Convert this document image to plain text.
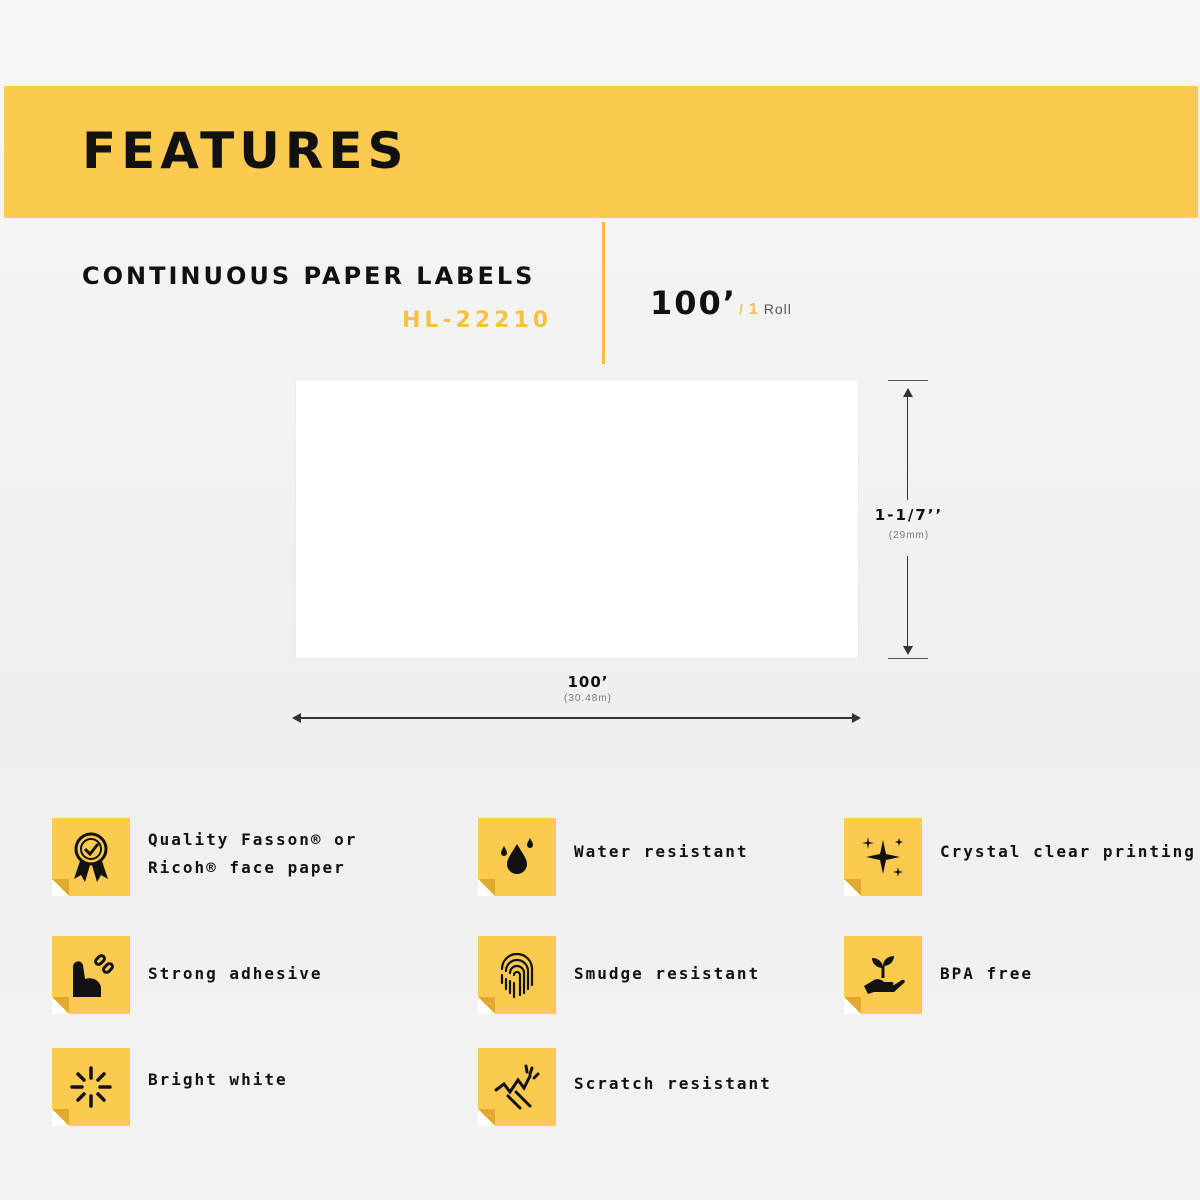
FEATURES
CONTINUOUS PAPER LABELS
HL-22210	100’ / 1 Roll
1-1/7’’
(29mm)
100’
(30.48m)
Quality Fasson® or
Ricoh® face paper
Water resistant	Crystal clear printing
Strong adhesive	Smudge resistant	BPA free
Bright white	Scratch resistant
